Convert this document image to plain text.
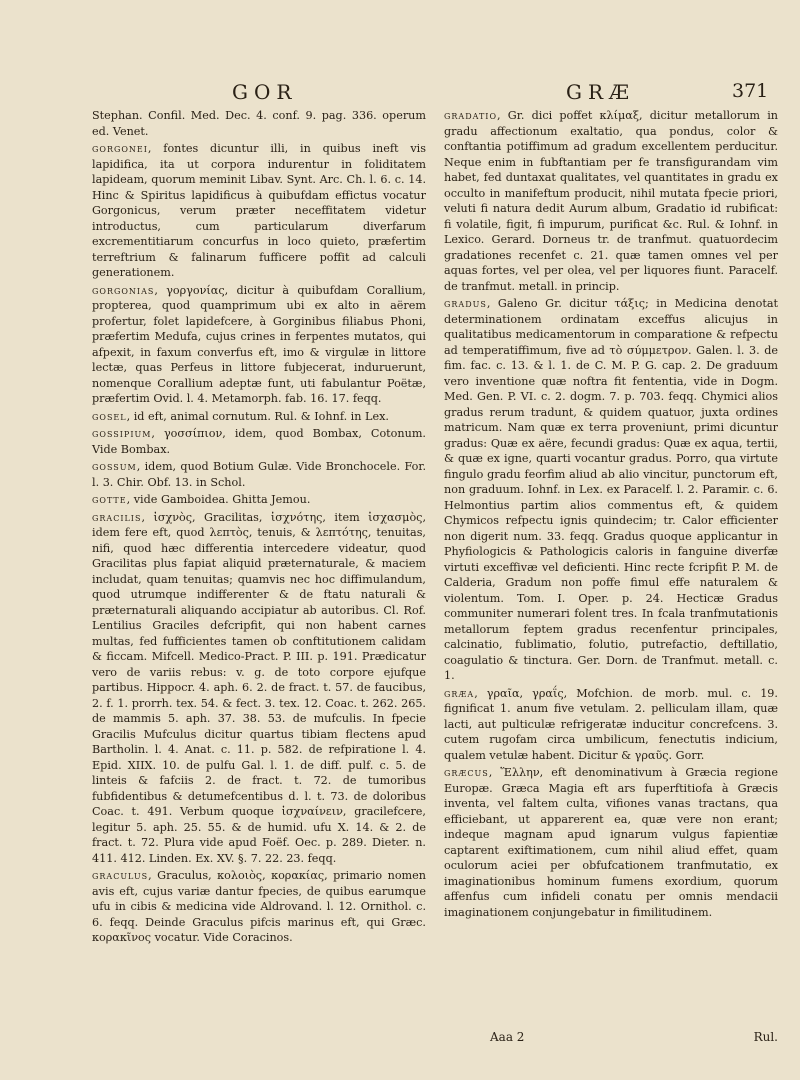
GOR	GRÆ	371

Stephan. Confil. Med. Dec. 4. conf. 9. pag. 336. operum ed. Venet.

gorgonei, fontes dicuntur illi, in quibus ineft vis lapidifica, ita ut corpora indurentur in foliditatem lapideam, quorum meminit Libav. Synt. Arc. Ch. l. 6. c. 14. Hinc & Spiritus lapidificus à quibufdam effictus vocatur Gorgonicus, verum præter neceffitatem videtur introductus, cum particularum diverfarum excrementitiarum concurfus in loco quieto, præfertim terreftrium & falinarum fufficere poffit ad calculi generationem.

gorgonias, γοργονίας, dicitur à quibufdam Corallium, propterea, quod quamprimum ubi ex alto in aërem profertur, folet lapidefcere, à Gorginibus filiabus Phoni, præfertim Medufa, cujus crines in ferpentes mutatos, qui afpexit, in faxum converfus eft, imo & virgulæ in littore lectæ, quas Perfeus in littore fubjecerat, induruerunt, nomenque Corallium adeptæ funt, uti fabulantur Poëtæ, præfertim Ovid. l. 4. Metamorph. fab. 16. 17. feqq.

gosel, id eft, animal cornutum. Rul. & Iohnf. in Lex.

gossipium, γοσσίπιον, idem, quod Bombax, Cotonum. Vide Bombax.

gossum, idem, quod Botium Gulæ. Vide Bronchocele. For. l. 3. Chir. Obf. 13. in Schol.

gotte, vide Gamboidea. Ghitta Jemou.

gracilis, ἰσχνὸς, Gracilitas, ἰσχνότης, item ἰσχασμὸς, idem fere eft, quod λεπτὸς, tenuis, & λεπτότης, tenuitas, nifi, quod hæc differentia intercedere videatur, quod Gracilitas plus fapiat aliquid præternaturale, & maciem includat, quam tenuitas; quamvis nec hoc diffimulandum, quod utrumque indifferenter & de ftatu naturali & præternaturali aliquando accipiatur ab autoribus. Cl. Rof. Lentilius Graciles defcripfit, qui non habent carnes multas, fed fufficientes tamen ob conftitutionem calidam & ficcam. Mifcell. Medico-Pract. P. III. p. 191. Prædicatur vero de variis rebus: v. g. de toto corpore ejufque partibus. Hippocr. 4. aph. 6. 2. de fract. t. 57. de faucibus, 2. f. 1. prorrh. tex. 54. & fect. 3. tex. 12. Coac. t. 262. 265. de mammis 5. aph. 37. 38. 53. de mufculis. In fpecie Gracilis Mufculus dicitur quartus tibiam flectens apud Bartholin. l. 4. Anat. c. 11. p. 582. de refpiratione l. 4. Epid. XIIX. 10. de pulfu Gal. l. 1. de diff. pulf. c. 5. de linteis & fafciis 2. de fract. t. 72. de tumoribus fubfidentibus & detumefcentibus d. l. t. 73. de doloribus Coac. t. 491. Verbum quoque ἰσχναίνειν, gracilefcere, legitur 5. aph. 25. 55. & de humid. ufu X. 14. & 2. de fract. t. 72. Plura vide apud Foëf. Oec. p. 289. Dieter. n. 411. 412. Linden. Ex. XV. §. 7. 22. 23. feqq.

graculus, Graculus, κολοιὸς, κορακίας, primario nomen avis eft, cujus variæ dantur fpecies, de quibus earumque ufu in cibis & medicina vide Aldrovand. l. 12. Ornithol. c. 6. feqq. Deinde Graculus pifcis marinus eft, qui Græc. κορακῖνος vocatur. Vide Coracinos.

gradatio, Gr. dici poffet κλίμαξ, dicitur metallorum in gradu affectionum exaltatio, qua pondus, color & conftantia potiffimum ad gradum excellentem perducitur. Neque enim in fubftantiam per fe transfigurandam vim habet, fed duntaxat qualitates, vel quantitates in gradu ex occulto in manifeftum producit, nihil mutata fpecie priori, veluti fi natura dedit Aurum album, Gradatio id rubificat: fi volatile, figit, fi impurum, purificat &c. Rul. & Iohnf. in Lexico. Gerard. Dorneus tr. de tranfmut. quatuordecim gradationes recenfet c. 21. quæ tamen omnes vel per aquas fortes, vel per olea, vel per liquores fiunt. Paracelf. de tranfmut. metall. in princip.

gradus, Galeno Gr. dicitur τάξις; in Medicina denotat determinationem ordinatam exceffus alicujus in qualitatibus medicamentorum in comparatione & refpectu ad temperatiffimum, five ad τὸ σύμμετρον. Galen. l. 3. de fim. fac. c. 13. & l. 1. de C. M. P. G. cap. 2. De graduum vero inventione quæ noftra fit fententia, vide in Dogm. Med. Gen. P. VI. c. 2. dogm. 7. p. 703. feqq. Chymici alios gradus rerum tradunt, & quidem quatuor, juxta ordines matricum. Nam quæ ex terra proveniunt, primi dicuntur gradus: Quæ ex aëre, fecundi gradus: Quæ ex aqua, tertii, & quæ ex igne, quarti vocantur gradus. Porro, qua virtute fingulo gradu feorfim aliud ab alio vincitur, punctorum eft, non graduum. Iohnf. in Lex. ex Paracelf. l. 2. Paramir. c. 6. Helmontius partim alios commentus eft, & quidem Chymicos refpectu ignis quindecim; tr. Calor efficienter non digerit num. 33. feqq. Gradus quoque applicantur in Phyfiologicis & Pathologicis caloris in fanguine diverfæ virtuti exceffivæ vel deficienti. Hinc recte fcripfit P. M. de Calderia, Gradum non poffe fimul effe naturalem & violentum. Tom. I. Oper. p. 24. Hecticæ Gradus communiter numerari folent tres. In fcala tranfmutationis metallorum feptem gradus recenfentur principales, calcinatio, fublimatio, folutio, putrefactio, deftillatio, coagulatio & tinctura. Ger. Dorn. de Tranfmut. metall. c. 1.

græa, γραῖα, γραΐς, Mofchion. de morb. mul. c. 19. fignificat 1. anum five vetulam. 2. pelliculam illam, quæ lacti, aut pulticulæ refrigeratæ inducitur concrefcens. 3. cutem rugofam circa umbilicum, fenectutis indicium, qualem vetulæ habent. Dicitur & γραῦς. Gorr.

græcus, Ἕλλην, eft denominativum à Græcia regione Europæ. Græca Magia eft ars fuperftitiofa à Græcis inventa, vel faltem culta, vifiones vanas tractans, qua efficiebant, ut apparerent ea, quæ vere non erant; indeque magnam apud ignarum vulgus fapientiæ captarent exiftimationem, cum nihil aliud effet, quam oculorum aciei per obfufcationem tranfmutatio, ex imaginationibus hominum fumens exordium, quorum affenfus cum infideli conatu per omnis mendacii imaginationem conjungebatur in fimilitudinem.

Aaa 2	Rul.
